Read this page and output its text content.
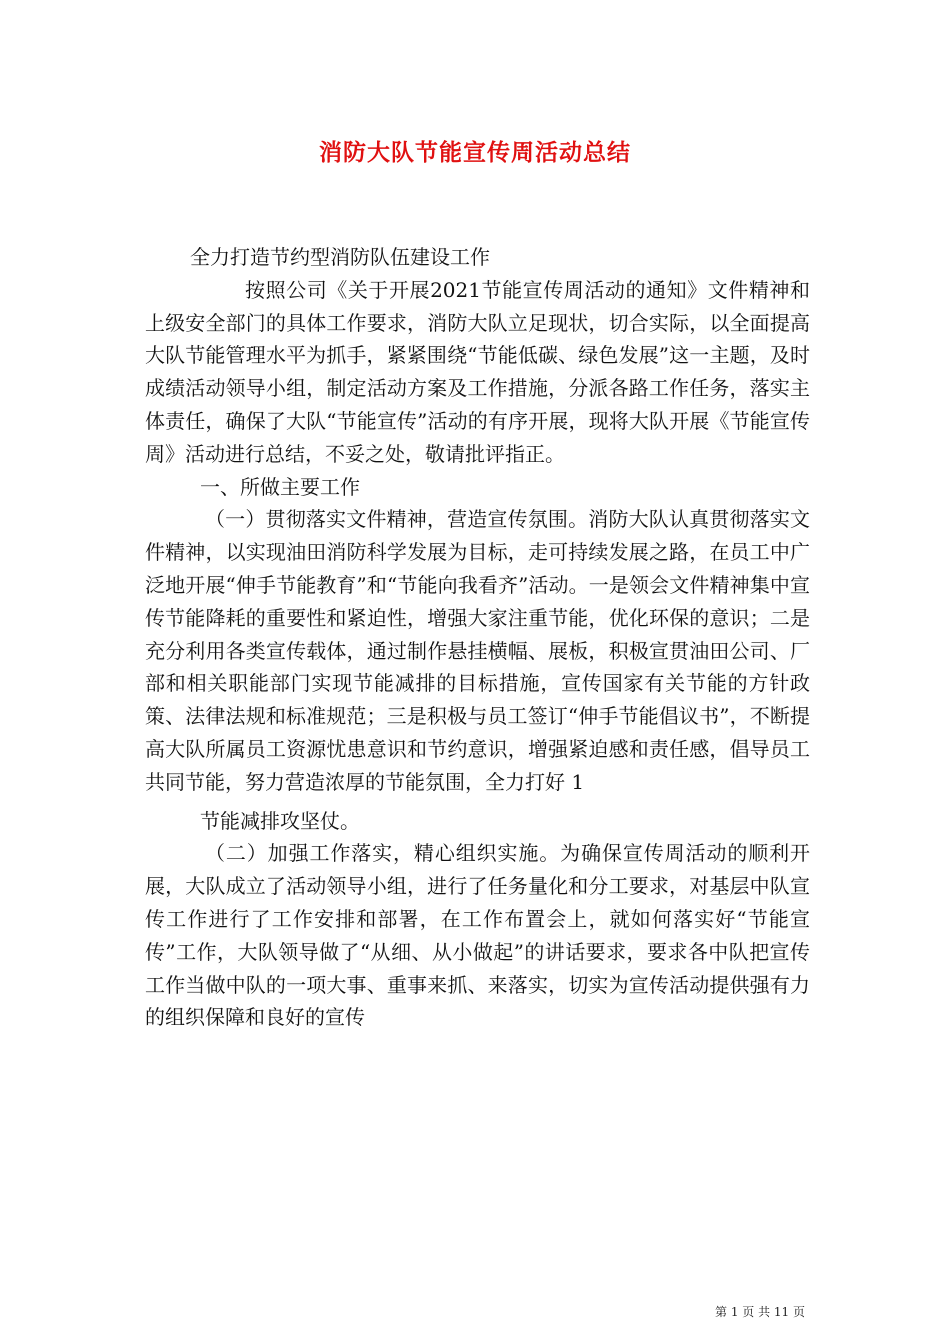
消防大队节能宣传周活动总结

全力打造节约型消防队伍建设工作

按照公司《关于开展2021节能宣传周活动的通知》文件精神和上级安全部门的具体工作要求，消防大队立足现状，切合实际，以全面提高大队节能管理水平为抓手，紧紧围绕“节能低碳、绿色发展”这一主题，及时成绩活动领导小组，制定活动方案及工作措施，分派各路工作任务，落实主体责任，确保了大队“节能宣传”活动的有序开展，现将大队开展《节能宣传周》活动进行总结，不妥之处，敬请批评指正。

一、所做主要工作

（一）贯彻落实文件精神，营造宣传氛围。消防大队认真贯彻落实文件精神，以实现油田消防科学发展为目标，走可持续发展之路，在员工中广泛地开展“伸手节能教育”和“节能向我看齐”活动。一是领会文件精神集中宣传节能降耗的重要性和紧迫性，增强大家注重节能，优化环保的意识；二是充分利用各类宣传载体，通过制作悬挂横幅、展板，积极宣贯油田公司、厂部和相关职能部门实现节能减排的目标措施，宣传国家有关节能的方针政策、法律法规和标准规范；三是积极与员工签订“伸手节能倡议书”，不断提高大队所属员工资源忧患意识和节约意识，增强紧迫感和责任感，倡导员工共同节能，努力营造浓厚的节能氛围，全力打好 1

节能减排攻坚仗。

（二）加强工作落实，精心组织实施。为确保宣传周活动的顺利开展，大队成立了活动领导小组，进行了任务量化和分工要求，对基层中队宣传工作进行了工作安排和部署，在工作布置会上，就如何落实好“节能宣传”工作，大队领导做了“从细、从小做起”的讲话要求，要求各中队把宣传工作当做中队的一项大事、重事来抓、来落实，切实为宣传活动提供强有力的组织保障和良好的宣传

第 1 页 共 11 页
